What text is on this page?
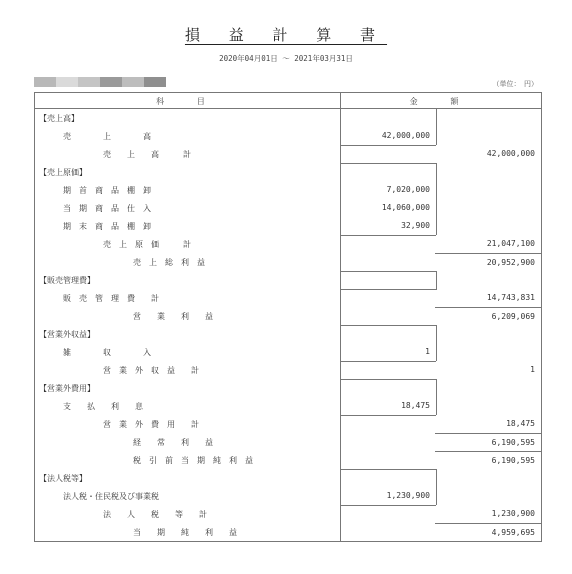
損 益 計 算 書
2020年04月01日 ～ 2021年03月31日
（単位：　円）
科 目	金 額
【売上高】
売　　　　上　　　　高	42,000,000
売　　上　　高　　　計	42,000,000
【売上原価】
期　首　商　品　棚　卸	7,020,000
当　期　商　品　仕　入	14,060,000
期　末　商　品　棚　卸	32,900
売　上　原　価　　　計	21,047,100
売　上　総　利　益	20,952,900
【販売管理費】
販　売　管　理　費　　計	14,743,831
営　　業　　利　　益	6,209,069
【営業外収益】
雑　　　　収　　　　入	1
営　業　外　収　益　　計	1
【営業外費用】
支　　払　　利　　息	18,475
営　業　外　費　用　　計	18,475
経　　常　　利　　益	6,190,595
税　引　前　当　期　純　利　益	6,190,595
【法人税等】
法人税・住民税及び事業税	1,230,900
法　　人　　税　　等　　計	1,230,900
当　　期　　純　　利　　益	4,959,695
